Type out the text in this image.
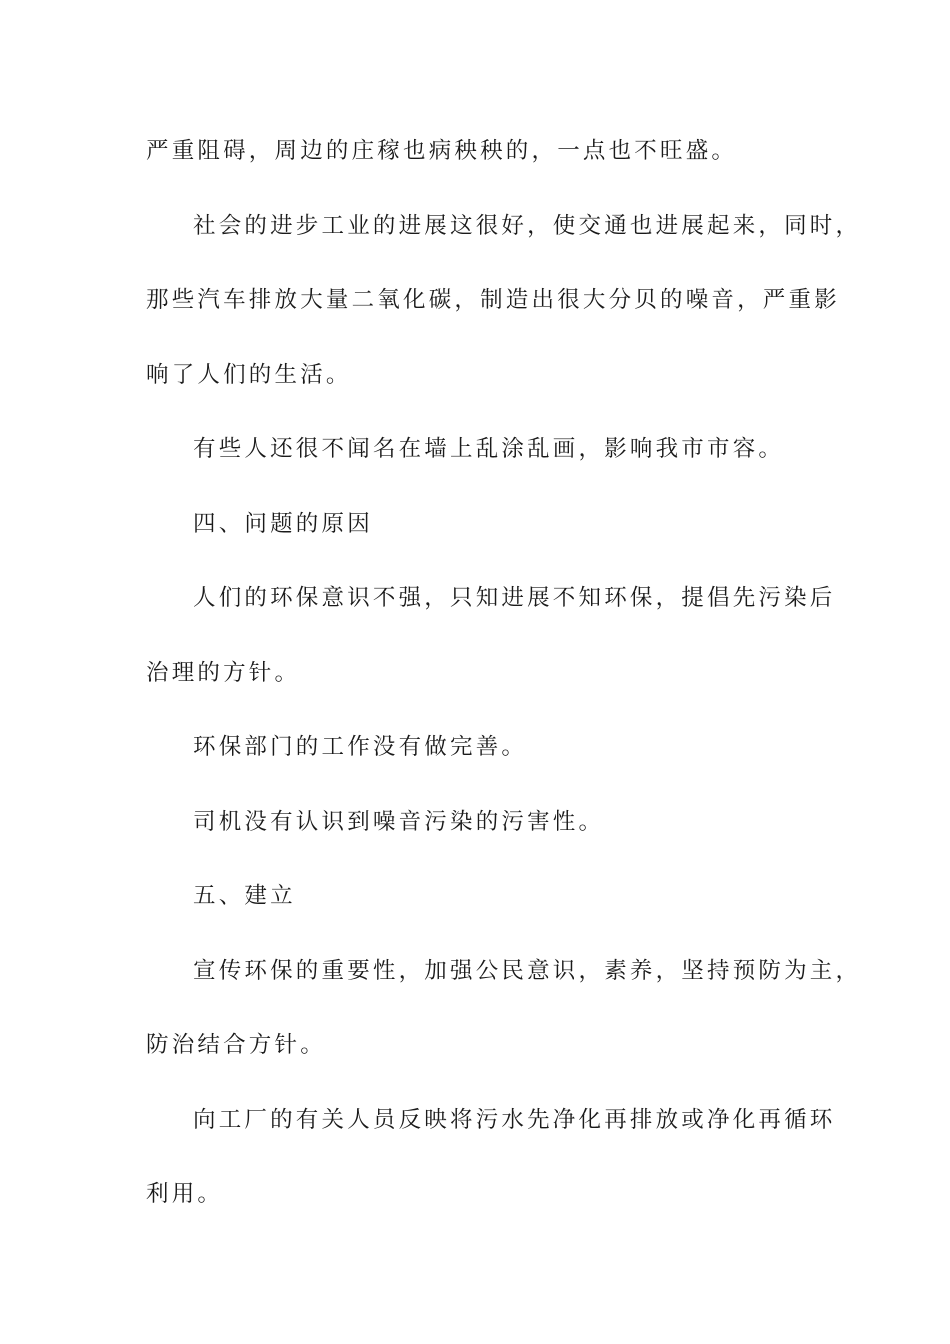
严重阻碍，周边的庄稼也病秧秧的，一点也不旺盛。
社会的进步工业的进展这很好，使交通也进展起来，同时，
那些汽车排放大量二氧化碳，制造出很大分贝的噪音，严重影
响了人们的生活。
有些人还很不闻名在墙上乱涂乱画，影响我市市容。
四、问题的原因
人们的环保意识不强，只知进展不知环保，提倡先污染后
治理的方针。
环保部门的工作没有做完善。
司机没有认识到噪音污染的污害性。
五、建立
宣传环保的重要性，加强公民意识，素养，坚持预防为主，
防治结合方针。
向工厂的有关人员反映将污水先净化再排放或净化再循环
利用。
